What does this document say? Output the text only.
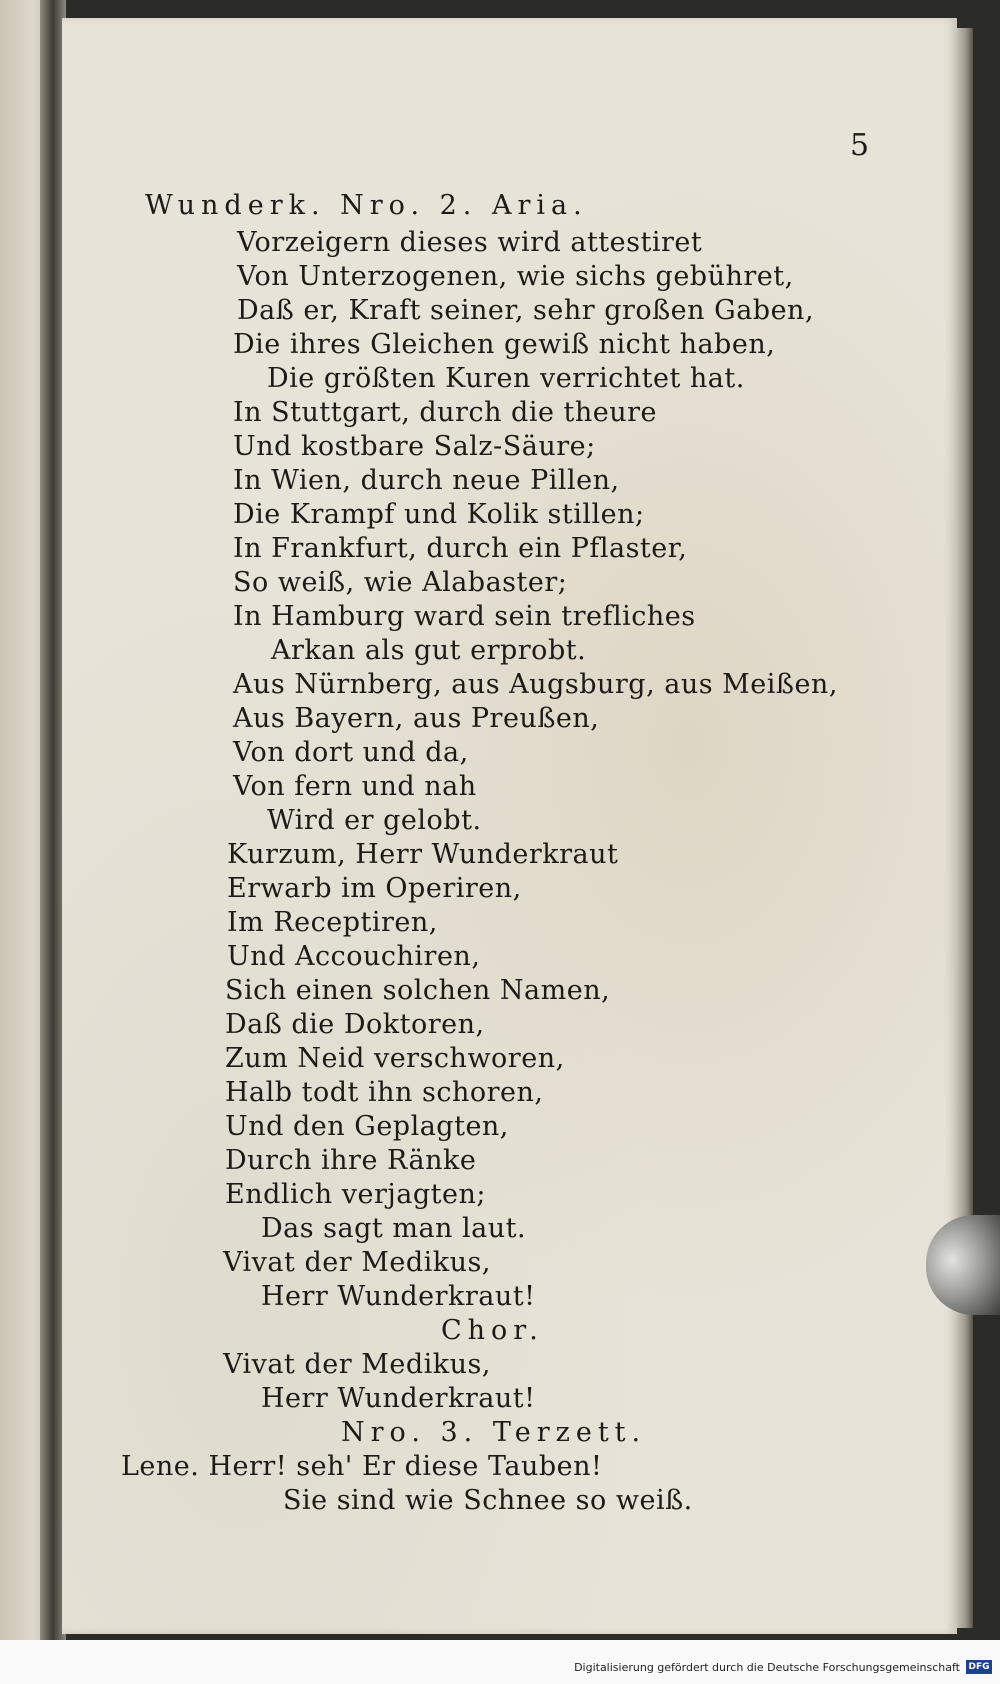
5
Wunderk. Nro. 2. Aria.
Vorzeigern dieses wird attestiret
Von Unterzogenen, wie sichs gebühret,
Daß er, Kraft seiner, sehr großen Gaben,
Die ihres Gleichen gewiß nicht haben,
Die größten Kuren verrichtet hat.
In Stuttgart, durch die theure
Und kostbare Salz-Säure;
In Wien, durch neue Pillen,
Die Krampf und Kolik stillen;
In Frankfurt, durch ein Pflaster,
So weiß, wie Alabaster;
In Hamburg ward sein trefliches
Arkan als gut erprobt.
Aus Nürnberg, aus Augsburg, aus Meißen,
Aus Bayern, aus Preußen,
Von dort und da,
Von fern und nah
Wird er gelobt.
Kurzum, Herr Wunderkraut
Erwarb im Operiren,
Im Receptiren,
Und Accouchiren,
Sich einen solchen Namen,
Daß die Doktoren,
Zum Neid verschworen,
Halb todt ihn schoren,
Und den Geplagten,
Durch ihre Ränke
Endlich verjagten;
Das sagt man laut.
Vivat der Medikus,
Herr Wunderkraut!
Chor.
Vivat der Medikus,
Herr Wunderkraut!
Nro. 3. Terzett.
Lene. Herr! seh' Er diese Tauben!
Sie sind wie Schnee so weiß.
Digitalisierung gefördert durch die Deutsche Forschungsgemeinschaft DFG
